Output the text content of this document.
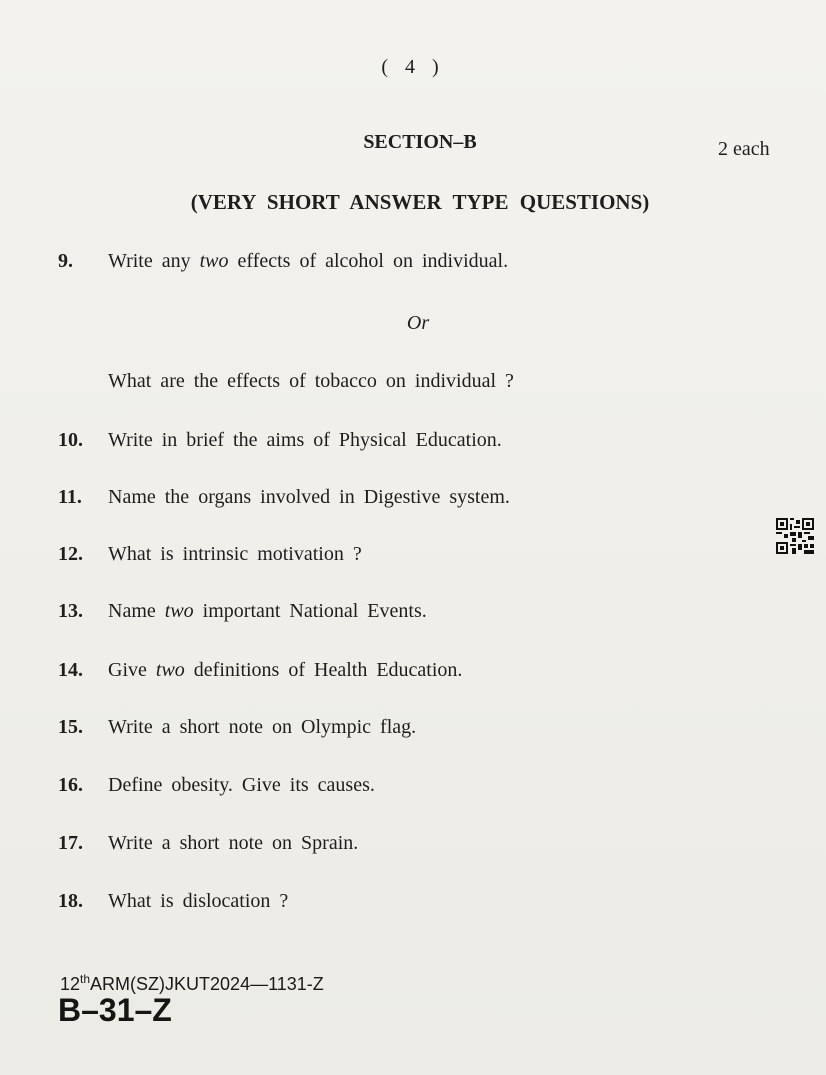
( 4 )
SECTION–B	2 each
(VERY SHORT ANSWER TYPE QUESTIONS)
9. Write any two effects of alcohol on individual.
Or
What are the effects of tobacco on individual ?
10. Write in brief the aims of Physical Education.
11. Name the organs involved in Digestive system.
12. What is intrinsic motivation ?
13. Name two important National Events.
14. Give two definitions of Health Education.
15. Write a short note on Olympic flag.
16. Define obesity. Give its causes.
17. Write a short note on Sprain.
18. What is dislocation ?
12thARM(SZ)JKUT2024—1131-Z
B–31–Z
